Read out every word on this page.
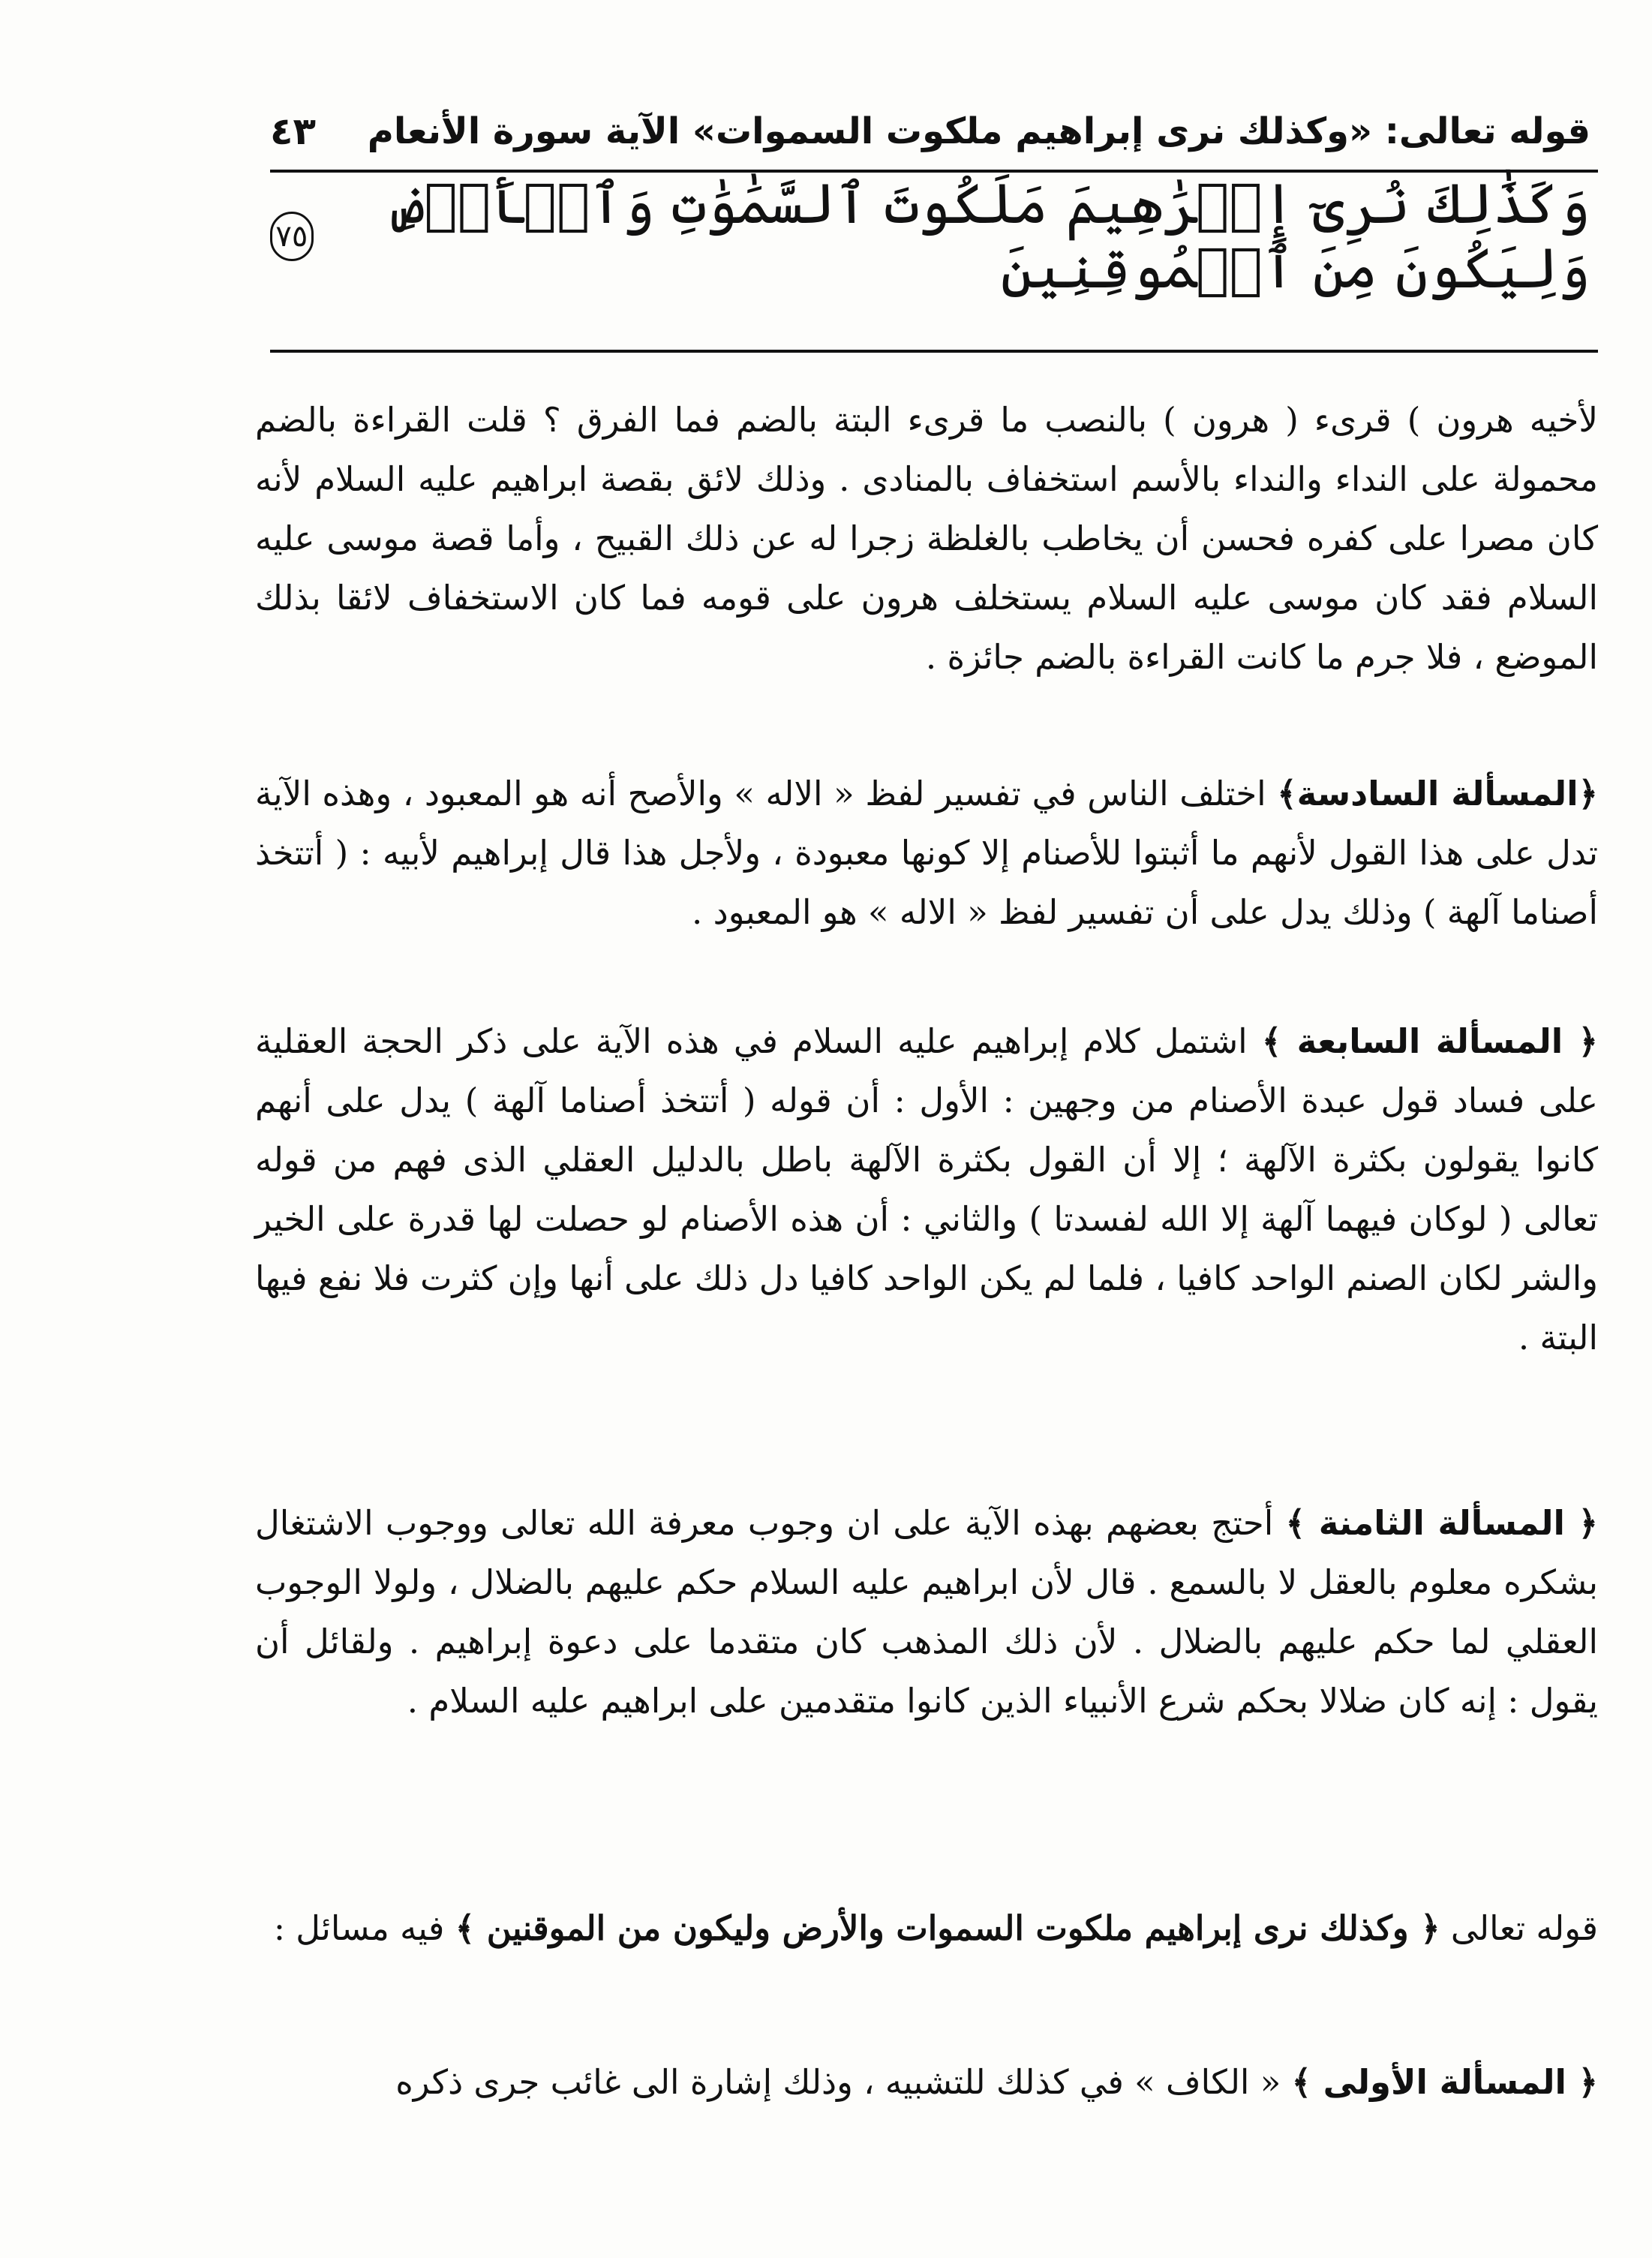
قوله تعالى: «وكذلك نرى إبراهيم ملكوت السموات» الآية سورة الأنعام
٤٣
وَكَذَٰلِكَ نُرِىٓ إِبۡرَٰهِيمَ مَلَكُوتَ ٱلسَّمَٰوَٰتِ وَٱلۡأَرۡضِ وَلِيَكُونَ مِنَ ٱلۡمُوقِنِينَ
٧٥

لأخيه هرون ) قرىء ( هرون ) بالنصب ما قرىء البتة بالضم فما الفرق ؟ قلت القراءة بالضم محمولة على النداء والنداء بالأسم استخفاف بالمنادى . وذلك لائق بقصة ابراهيم عليه السلام لأنه كان مصرا على كفره فحسن أن يخاطب بالغلظة زجرا له عن ذلك القبيح ، وأما قصة موسى عليه السلام فقد كان موسى عليه السلام يستخلف هرون على قومه فما كان الاستخفاف لائقا بذلك الموضع ، فلا جرم ما كانت القراءة بالضم جائزة .

﴿المسألة السادسة﴾ اختلف الناس في تفسير لفظ « الاله » والأصح أنه هو المعبود ، وهذه الآية تدل على هذا القول لأنهم ما أثبتوا للأصنام إلا كونها معبودة ، ولأجل هذا قال إبراهيم لأبيه : ( أتتخذ أصناما آلهة ) وذلك يدل على أن تفسير لفظ « الاله » هو المعبود .

﴿ المسألة السابعة ﴾ اشتمل كلام إبراهيم عليه السلام في هذه الآية على ذكر الحجة العقلية على فساد قول عبدة الأصنام من وجهين : الأول : أن قوله ( أتتخذ أصناما آلهة ) يدل على أنهم كانوا يقولون بكثرة الآلهة ؛ إلا أن القول بكثرة الآلهة باطل بالدليل العقلي الذى فهم من قوله تعالى ( لوكان فيهما آلهة إلا الله لفسدتا ) والثاني : أن هذه الأصنام لو حصلت لها قدرة على الخير والشر لكان الصنم الواحد كافيا ، فلما لم يكن الواحد كافيا دل ذلك على أنها وإن كثرت فلا نفع فيها البتة .

﴿ المسألة الثامنة ﴾ أحتج بعضهم بهذه الآية على ان وجوب معرفة الله تعالى ووجوب الاشتغال بشكره معلوم بالعقل لا بالسمع . قال لأن ابراهيم عليه السلام حكم عليهم بالضلال ، ولولا الوجوب العقلي لما حكم عليهم بالضلال . لأن ذلك المذهب كان متقدما على دعوة إبراهيم . ولقائل أن يقول : إنه كان ضلالا بحكم شرع الأنبياء الذين كانوا متقدمين على ابراهيم عليه السلام .

قوله تعالى ﴿ وكذلك نرى إبراهيم ملكوت السموات والأرض وليكون من الموقنين ﴾ فيه مسائل :

﴿ المسألة الأولى ﴾ « الكاف » في كذلك للتشبيه ، وذلك إشارة الى غائب جرى ذكره
